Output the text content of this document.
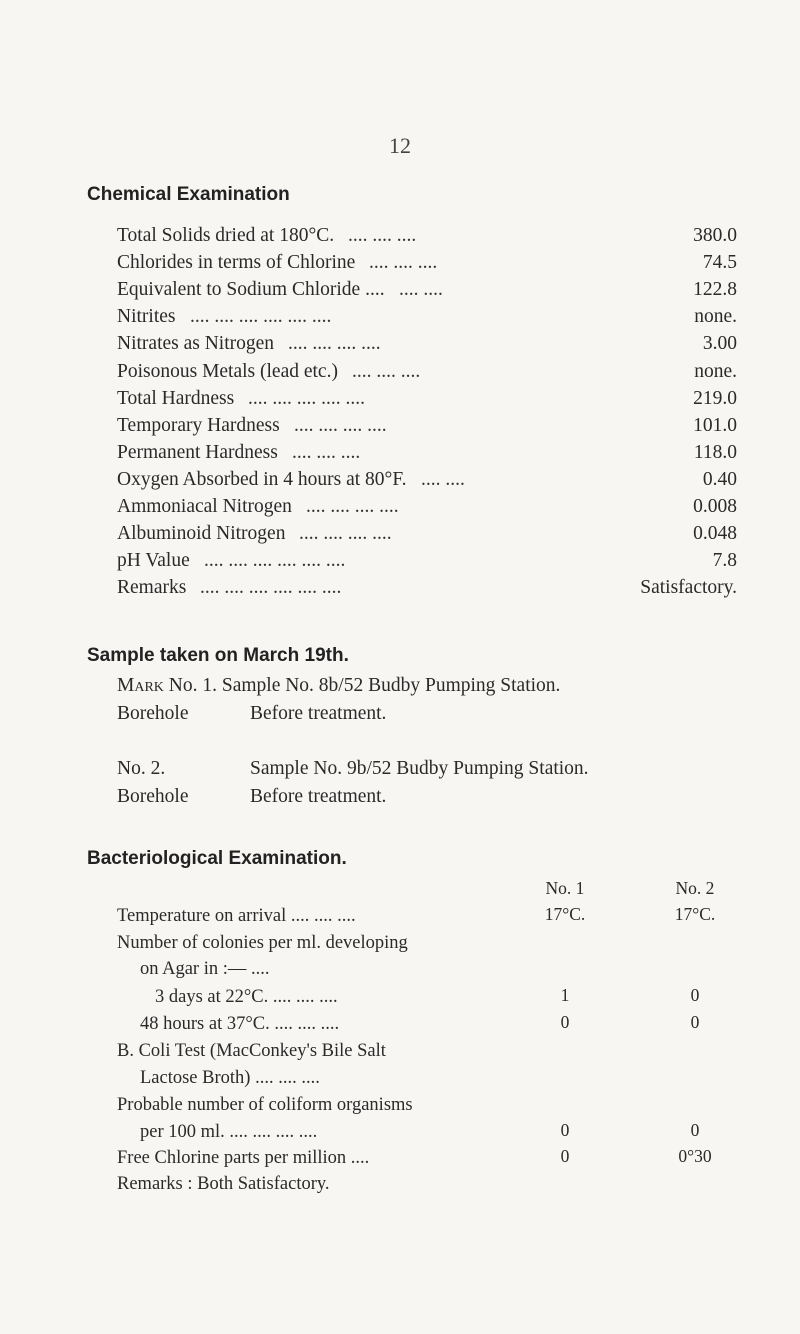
12
Chemical Examination
Total Solids dried at 180°C. .... .... ....	380.0
Chlorides in terms of Chlorine .... .... ....	74.5
Equivalent to Sodium Chloride .... .... ....	122.8
Nitrites .... .... .... .... .... ....	none.
Nitrates as Nitrogen .... .... .... ....	3.00
Poisonous Metals (lead etc.) .... .... ....	none.
Total Hardness .... .... .... .... ....	219.0
Temporary Hardness .... .... .... ....	101.0
Permanent Hardness .... .... ....	118.0
Oxygen Absorbed in 4 hours at 80°F. .... ....	0.40
Ammoniacal Nitrogen .... .... .... ....	0.008
Albuminoid Nitrogen .... .... .... ....	0.048
pH Value .... .... .... .... .... ....	7.8
Remarks .... .... .... .... .... ....	Satisfactory.
Sample taken on March 19th.
Mark No. 1. Sample No. 8b/52 Budby Pumping Station.
Borehole	Before treatment.
No. 2.	Sample No. 9b/52 Budby Pumping Station.
Borehole	Before treatment.
Bacteriological Examination.
No. 1	No. 2
Temperature on arrival .... .... ....	17°C.	17°C.
Number of colonies per ml. developing
on Agar in :— ....
3 days at 22°C. .... .... ....	1	0
48 hours at 37°C. .... .... ....	0	0
B. Coli Test (MacConkey's Bile Salt
Lactose Broth) .... .... ....
Probable number of coliform organisms
per 100 ml. .... .... .... ....	0	0
Free Chlorine parts per million ....	0	0°30
Remarks : Both Satisfactory.
